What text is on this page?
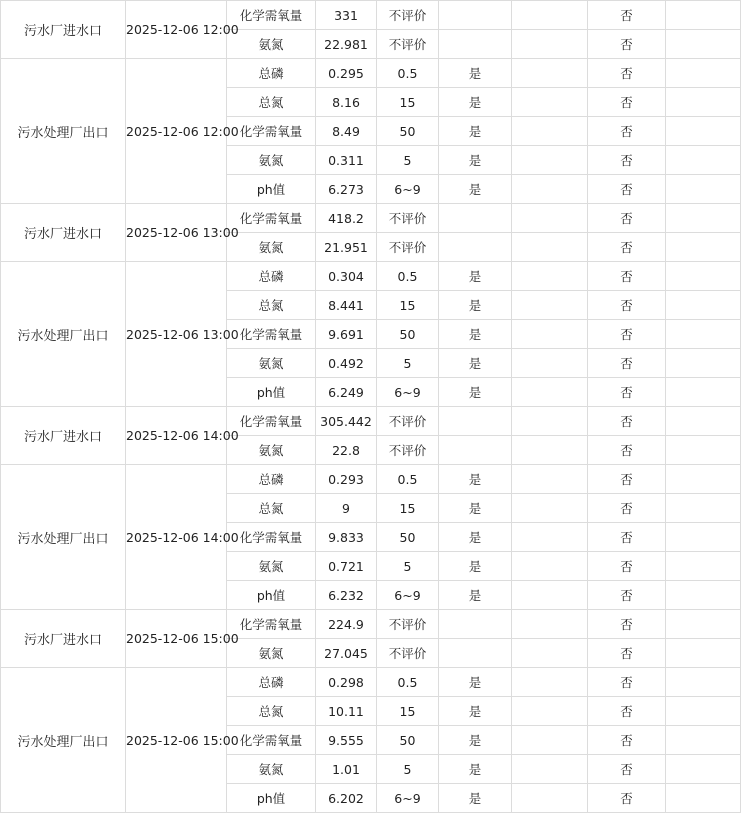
污水厂进水口	2025-12-06 12:00	化学需氧量	331	不评价			否	
		氨氮	22.981	不评价			否	
污水处理厂出口	2025-12-06 12:00	总磷	0.295	0.5	是		否	
		总氮	8.16	15	是		否	
		化学需氧量	8.49	50	是		否	
		氨氮	0.311	5	是		否	
		ph值	6.273	6~9	是		否	
污水厂进水口	2025-12-06 13:00	化学需氧量	418.2	不评价			否	
		氨氮	21.951	不评价			否	
污水处理厂出口	2025-12-06 13:00	总磷	0.304	0.5	是		否	
		总氮	8.441	15	是		否	
		化学需氧量	9.691	50	是		否	
		氨氮	0.492	5	是		否	
		ph值	6.249	6~9	是		否	
污水厂进水口	2025-12-06 14:00	化学需氧量	305.442	不评价			否	
		氨氮	22.8	不评价			否	
污水处理厂出口	2025-12-06 14:00	总磷	0.293	0.5	是		否	
		总氮	9	15	是		否	
		化学需氧量	9.833	50	是		否	
		氨氮	0.721	5	是		否	
		ph值	6.232	6~9	是		否	
污水厂进水口	2025-12-06 15:00	化学需氧量	224.9	不评价			否	
		氨氮	27.045	不评价			否	
污水处理厂出口	2025-12-06 15:00	总磷	0.298	0.5	是		否	
		总氮	10.11	15	是		否	
		化学需氧量	9.555	50	是		否	
		氨氮	1.01	5	是		否	
		ph值	6.202	6~9	是		否	
